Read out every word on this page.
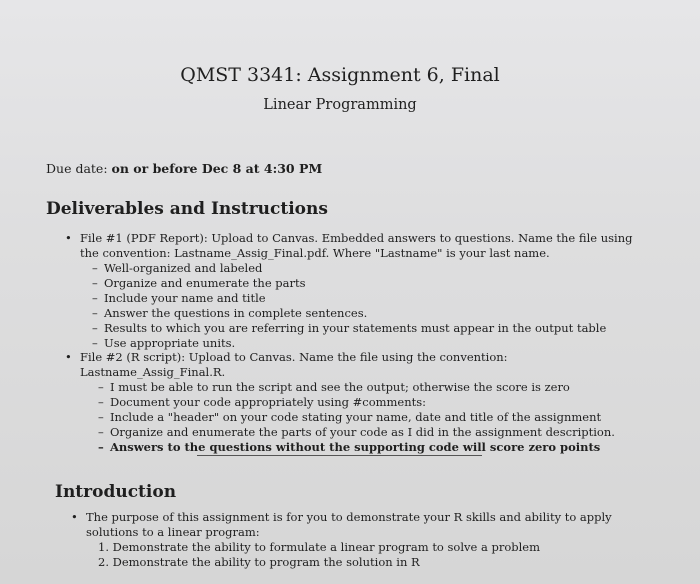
QMST 3341: Assignment 6, Final
Linear Programming
Due date: on or before Dec 8 at 4:30 PM
Deliverables and Instructions
• File #1 (PDF Report): Upload to Canvas. Embedded answers to questions. Name the file using the convention: Lastname_Assig_Final.pdf. Where "Lastname" is your last name.
– Well-organized and labeled
– Organize and enumerate the parts
– Include your name and title
– Answer the questions in complete sentences.
– Results to which you are referring in your statements must appear in the output table
– Use appropriate units.
• File #2 (R script): Upload to Canvas. Name the file using the convention: Lastname_Assig_Final.R.
– I must be able to run the script and see the output; otherwise the score is zero
– Document your code appropriately using #comments:
– Include a "header" on your code stating your name, date and title of the assignment
– Organize and enumerate the parts of your code as I did in the assignment description.
– Answers to the questions without the supporting code will score zero points
Introduction
• The purpose of this assignment is for you to demonstrate your R skills and ability to apply solutions to a linear program:
1. Demonstrate the ability to formulate a linear program to solve a problem
2. Demonstrate the ability to program the solution in R
